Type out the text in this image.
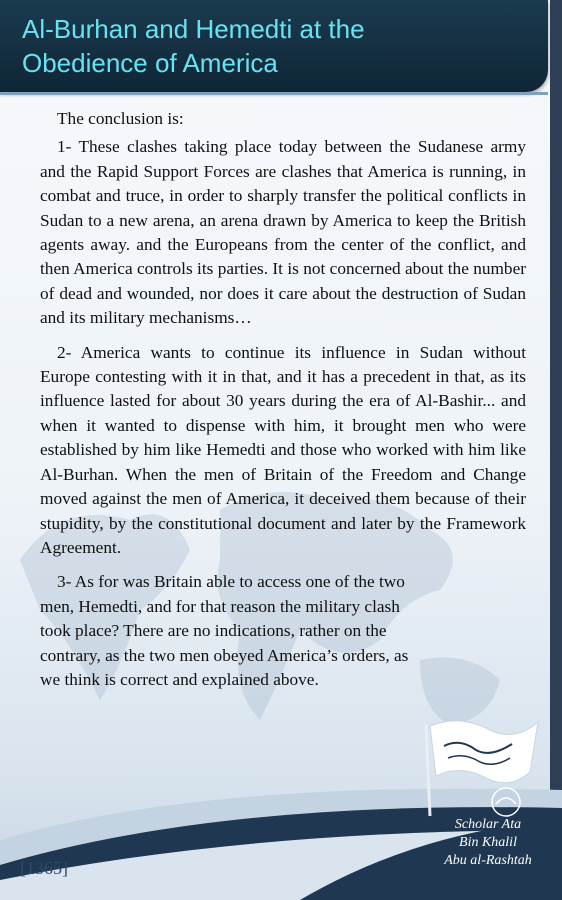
Al-Burhan and Hemedti at the
Obedience of America

The conclusion is:

1- These clashes taking place today between the Sudanese army and the Rapid Support Forces are clashes that America is running, in combat and truce, in order to sharply transfer the political conflicts in Sudan to a new arena, an arena drawn by America to keep the British agents away. and the Europeans from the center of the conflict, and then America controls its parties. It is not concerned about the number of dead and wounded, nor does it care about the destruction of Sudan and its military mechanisms…

2- America wants to continue its influence in Sudan without Europe contesting with it in that, and it has a precedent in that, as its influence lasted for about 30 years during the era of Al-Bashir... and when it wanted to dispense with him, it brought men who were established by him like Hemedti and those who worked with him like Al-Burhan. When the men of Britain of the Freedom and Change moved against the men of America, it deceived them because of their stupidity, by the constitutional document and later by the Framework Agreement.

3- As for was Britain able to access one of the two men, Hemedti, and for that reason the military clash took place? There are no indications, rather on the contrary, as the two men obeyed America’s orders, as we think is correct and explained above.

[1365]
Scholar Ata
Bin Khalil
Abu al-Rashtah
